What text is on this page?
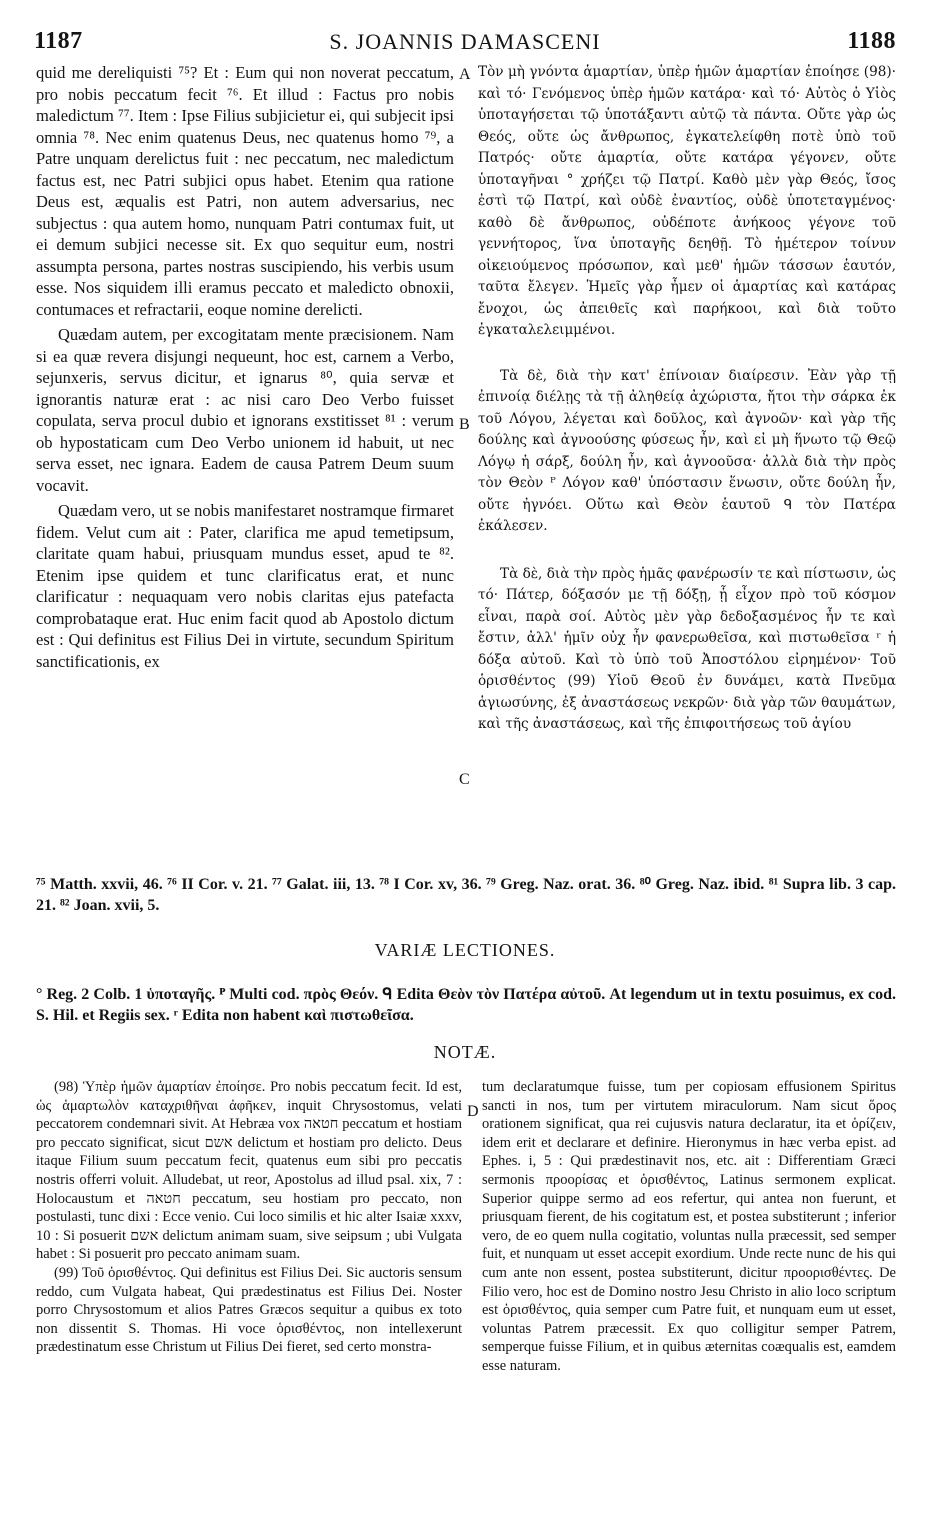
1187	S. JOANNIS DAMASCENI	1188
A
B
C
D

quid me dereliquisti ⁷⁵? Et : Eum qui non noverat peccatum, pro nobis peccatum fecit ⁷⁶. Et illud : Factus pro nobis maledictum ⁷⁷. Item : Ipse Filius subjicietur ei, qui subjecit ipsi omnia ⁷⁸. Nec enim quatenus Deus, nec quatenus homo ⁷⁹, a Patre unquam derelictus fuit : nec peccatum, nec maledictum factus est, nec Patri subjici opus habet. Etenim qua ratione Deus est, æqualis est Patri, non autem adversarius, nec subjectus : qua autem homo, nunquam Patri contumax fuit, ut ei demum subjici necesse sit. Ex quo sequitur eum, nostri assumpta persona, partes nostras suscipiendo, his verbis usum esse. Nos siquidem illi eramus peccato et maledicto obnoxii, contumaces et refractarii, eoque nomine derelicti.

Quædam autem, per excogitatam mente præcisionem. Nam si ea quæ revera disjungi nequeunt, hoc est, carnem a Verbo, sejunxeris, servus dicitur, et ignarus ⁸⁰, quia servæ et ignorantis naturæ erat : ac nisi caro Deo Verbo fuisset copulata, serva procul dubio et ignorans exstitisset ⁸¹ : verum ob hypostaticam cum Deo Verbo unionem id habuit, ut nec serva esset, nec ignara. Eadem de causa Patrem Deum suum vocavit.

Quædam vero, ut se nobis manifestaret nostramque firmaret fidem. Velut cum ait : Pater, clarifica me apud temetipsum, claritate quam habui, priusquam mundus esset, apud te ⁸². Etenim ipse quidem et tunc clarificatus erat, et nunc clarificatur : nequaquam vero nobis claritas ejus patefacta comprobataque erat. Huc enim facit quod ab Apostolo dictum est : Qui definitus est Filius Dei in virtute, secundum Spiritum sanctificationis, ex

Τὸν μὴ γνόντα ἁμαρτίαν, ὑπὲρ ἡμῶν ἁμαρτίαν ἐποίησε (98)· καὶ τό· Γενόμενος ὑπὲρ ἡμῶν κατάρα· καὶ τό· Αὐτὸς ὁ Υἱὸς ὑποταγήσεται τῷ ὑποτάξαντι αὐτῷ τὰ πάντα. Οὔτε γὰρ ὡς Θεός, οὔτε ὡς ἄνθρωπος, ἐγκατελείφθη ποτὲ ὑπὸ τοῦ Πατρός· οὔτε ἁμαρτία, οὔτε κατάρα γέγονεν, οὔτε ὑποταγῆναι ° χρήζει τῷ Πατρί. Καθὸ μὲν γὰρ Θεός, ἴσος ἐστὶ τῷ Πατρί, καὶ οὐδὲ ἐναντίος, οὐδὲ ὑποτεταγμένος· καθὸ δὲ ἄνθρωπος, οὐδέποτε ἀνήκοος γέγονε τοῦ γεννήτορος, ἵνα ὑποταγῆς δεηθῇ. Τὸ ἡμέτερον τοίνυν οἰκειούμενος πρόσωπον, καὶ μεθ' ἡμῶν τάσσων ἑαυτόν, ταῦτα ἔλεγεν. Ἡμεῖς γὰρ ἦμεν οἱ ἁμαρτίας καὶ κατάρας ἔνοχοι, ὡς ἀπειθεῖς καὶ παρήκοοι, καὶ διὰ τοῦτο ἐγκαταλελειμμένοι.

Τὰ δὲ, διὰ τὴν κατ' ἐπίνοιαν διαίρεσιν. Ἐὰν γὰρ τῇ ἐπινοίᾳ διέλῃς τὰ τῇ ἀληθείᾳ ἀχώριστα, ἤτοι τὴν σάρκα ἐκ τοῦ Λόγου, λέγεται καὶ δοῦλος, καὶ ἀγνοῶν· καὶ γὰρ τῆς δούλης καὶ ἀγνοούσης φύσεως ἦν, καὶ εἰ μὴ ἥνωτο τῷ Θεῷ Λόγῳ ἡ σάρξ, δούλη ἦν, καὶ ἀγνοοῦσα· ἀλλὰ διὰ τὴν πρὸς τὸν Θεὸν ᴾ Λόγον καθ' ὑπόστασιν ἕνωσιν, οὔτε δούλη ἦν, οὔτε ἠγνόει. Οὕτω καὶ Θεὸν ἑαυτοῦ ᑫ τὸν Πατέρα ἐκάλεσεν.

Τὰ δὲ, διὰ τὴν πρὸς ἡμᾶς φανέρωσίν τε καὶ πίστωσιν, ὡς τό· Πάτερ, δόξασόν με τῇ δόξῃ, ᾗ εἶχον πρὸ τοῦ κόσμον εἶναι, παρὰ σοί. Αὐτὸς μὲν γὰρ δεδοξασμένος ἦν τε καὶ ἔστιν, ἀλλ' ἡμῖν οὐχ ἦν φανερωθεῖσα, καὶ πιστωθεῖσα ʳ ἡ δόξα αὐτοῦ. Καὶ τὸ ὑπὸ τοῦ Ἀποστόλου εἰρημένον· Τοῦ ὁρισθέντος (99) Υἱοῦ Θεοῦ ἐν δυνάμει, κατὰ Πνεῦμα ἁγιωσύνης, ἐξ ἀναστάσεως νεκρῶν· διὰ γὰρ τῶν θαυμάτων, καὶ τῆς ἀναστάσεως, καὶ τῆς ἐπιφοιτήσεως τοῦ ἁγίου

⁷⁵ Matth. xxvii, 46. ⁷⁶ II Cor. v. 21. ⁷⁷ Galat. iii, 13. ⁷⁸ I Cor. xv, 36. ⁷⁹ Greg. Naz. orat. 36. ⁸⁰ Greg. Naz. ibid. ⁸¹ Supra lib. 3 cap. 21. ⁸² Joan. xvii, 5.
VARIÆ LECTIONES.
° Reg. 2 Colb. 1 ὑποταγῆς. ᴾ Multi cod. πρὸς Θεόν. ᑫ Edita Θεὸν τὸν Πατέρα αὐτοῦ. At legendum ut in textu posuimus, ex cod. S. Hil. et Regiis sex. ʳ Edita non habent καὶ πιστωθεῖσα.
NOTÆ.

(98) Ὑπὲρ ἡμῶν ἁμαρτίαν ἐποίησε. Pro nobis peccatum fecit. Id est, ὡς ἁμαρτωλὸν καταχριθῆναι ἀφῆκεν, inquit Chrysostomus, velati peccatorem condemnari sivit. At Hebræa vox חטאה peccatum et hostiam pro peccato significat, sicut אשם delictum et hostiam pro delicto. Deus itaque Filium suum peccatum fecit, quatenus eum sibi pro peccatis nostris offerri voluit. Alludebat, ut reor, Apostolus ad illud psal. xix, 7 : Holocaustum et חטאה peccatum, seu hostiam pro peccato, non postulasti, tunc dixi : Ecce venio. Cui loco similis et hic alter Isaiæ xxxv, 10 : Si posuerit אשם delictum animam suam, sive seipsum ; ubi Vulgata habet : Si posuerit pro peccato animam suam.

(99) Τοῦ ὁρισθέντος. Qui definitus est Filius Dei. Sic auctoris sensum reddo, cum Vulgata habeat, Qui prædestinatus est Filius Dei. Noster porro Chrysostomum et alios Patres Græcos sequitur a quibus ex toto non dissentit S. Thomas. Hi voce ὁρισθέντος, non intellexerunt prædestinatum esse Christum ut Filius Dei fieret, sed certo monstra-

tum declaratumque fuisse, tum per copiosam effusionem Spiritus sancti in nos, tum per virtutem miraculorum. Nam sicut ὅρος orationem significat, qua rei cujusvis natura declaratur, ita et ὁρίζειν, idem erit et declarare et definire. Hieronymus in hæc verba epist. ad Ephes. i, 5 : Qui prædestinavit nos, etc. ait : Differentiam Græci sermonis προορίσας et ὁρισθέντος, Latinus sermonem explicat. Superior quippe sermo ad eos refertur, qui antea non fuerunt, et priusquam fierent, de his cogitatum est, et postea substiterunt ; inferior vero, de eo quem nulla cogitatio, voluntas nulla præcessit, sed semper fuit, et nunquam ut esset accepit exordium. Unde recte nunc de his qui cum ante non essent, postea substiterunt, dicitur προορισθέντες. De Filio vero, hoc est de Domino nostro Jesu Christo in alio loco scriptum est ὁρισθέντος, quia semper cum Patre fuit, et nunquam eum ut esset, voluntas Patrem præcessit. Ex quo colligitur semper Patrem, semperque fuisse Filium, et in quibus æternitas coæqualis est, eamdem esse naturam.
